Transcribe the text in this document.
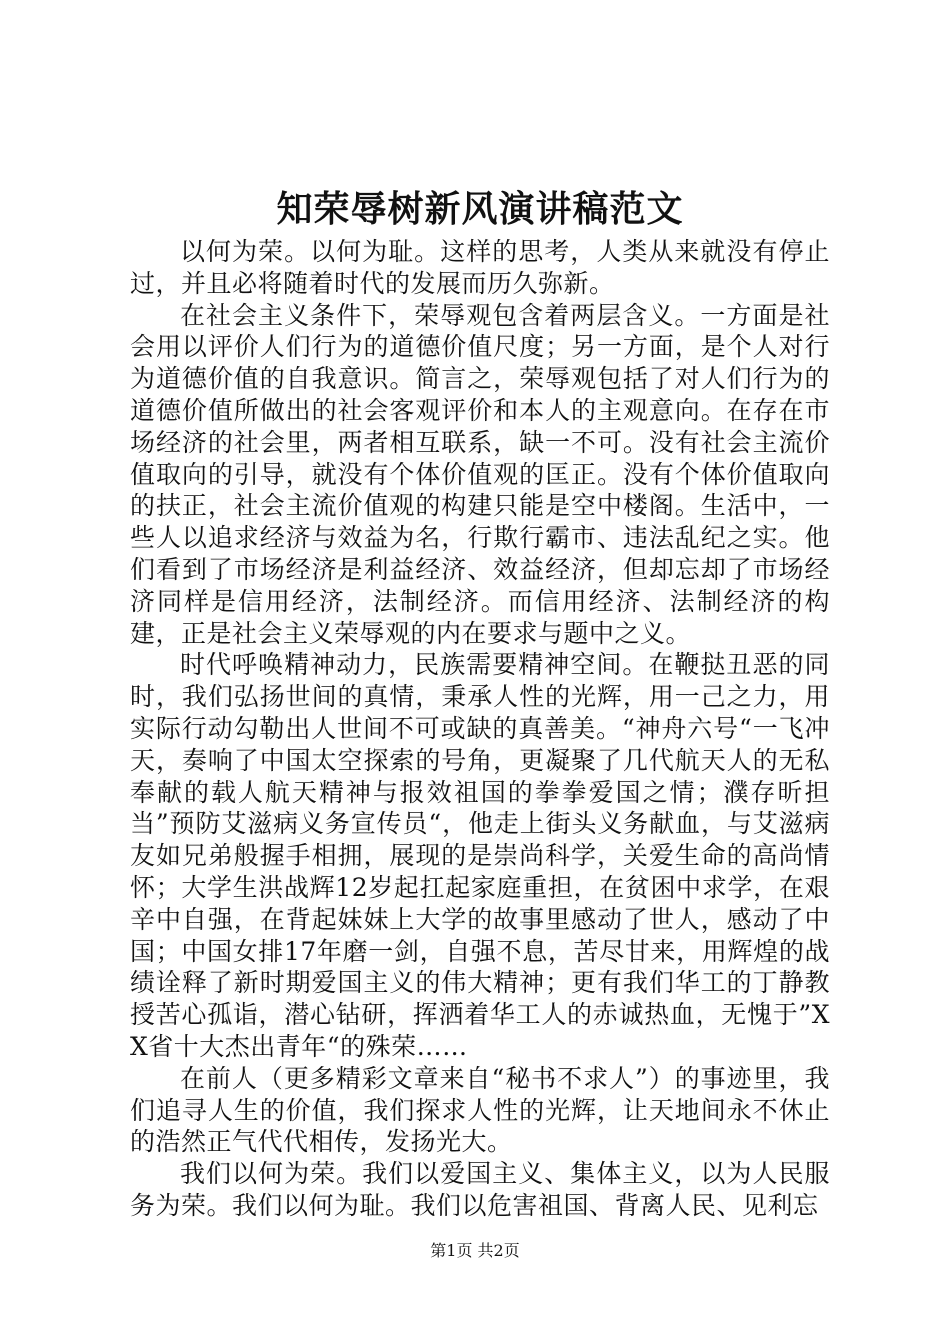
知荣辱树新风演讲稿范文

以何为荣。以何为耻。这样的思考，人类从来就没有停止过，并且必将随着时代的发展而历久弥新。

在社会主义条件下，荣辱观包含着两层含义。一方面是社会用以评价人们行为的道德价值尺度；另一方面，是个人对行为道德价值的自我意识。简言之，荣辱观包括了对人们行为的道德价值所做出的社会客观评价和本人的主观意向。在存在市场经济的社会里，两者相互联系，缺一不可。没有社会主流价值取向的引导，就没有个体价值观的匡正。没有个体价值取向的扶正，社会主流价值观的构建只能是空中楼阁。生活中，一些人以追求经济与效益为名，行欺行霸市、违法乱纪之实。他们看到了市场经济是利益经济、效益经济，但却忘却了市场经济同样是信用经济，法制经济。而信用经济、法制经济的构建，正是社会主义荣辱观的内在要求与题中之义。

时代呼唤精神动力，民族需要精神空间。在鞭挞丑恶的同时，我们弘扬世间的真情，秉承人性的光辉，用一己之力，用实际行动勾勒出人世间不可或缺的真善美。“神舟六号“一飞冲天，奏响了中国太空探索的号角，更凝聚了几代航天人的无私奉献的载人航天精神与报效祖国的拳拳爱国之情；濮存昕担当”预防艾滋病义务宣传员“，他走上街头义务献血，与艾滋病友如兄弟般握手相拥，展现的是崇尚科学，关爱生命的高尚情怀；大学生洪战辉12岁起扛起家庭重担，在贫困中求学，在艰辛中自强，在背起妹妹上大学的故事里感动了世人，感动了中国；中国女排17年磨一剑，自强不息，苦尽甘来，用辉煌的战绩诠释了新时期爱国主义的伟大精神；更有我们华工的丁静教授苦心孤诣，潜心钻研，挥洒着华工人的赤诚热血，无愧于”XX省十大杰出青年“的殊荣……

在前人（更多精彩文章来自“秘书不求人”）的事迹里，我们追寻人生的价值，我们探求人性的光辉，让天地间永不休止的浩然正气代代相传，发扬光大。

我们以何为荣。我们以爱国主义、集体主义，以为人民服务为荣。我们以何为耻。我们以危害祖国、背离人民、见利忘

第1页 共2页
